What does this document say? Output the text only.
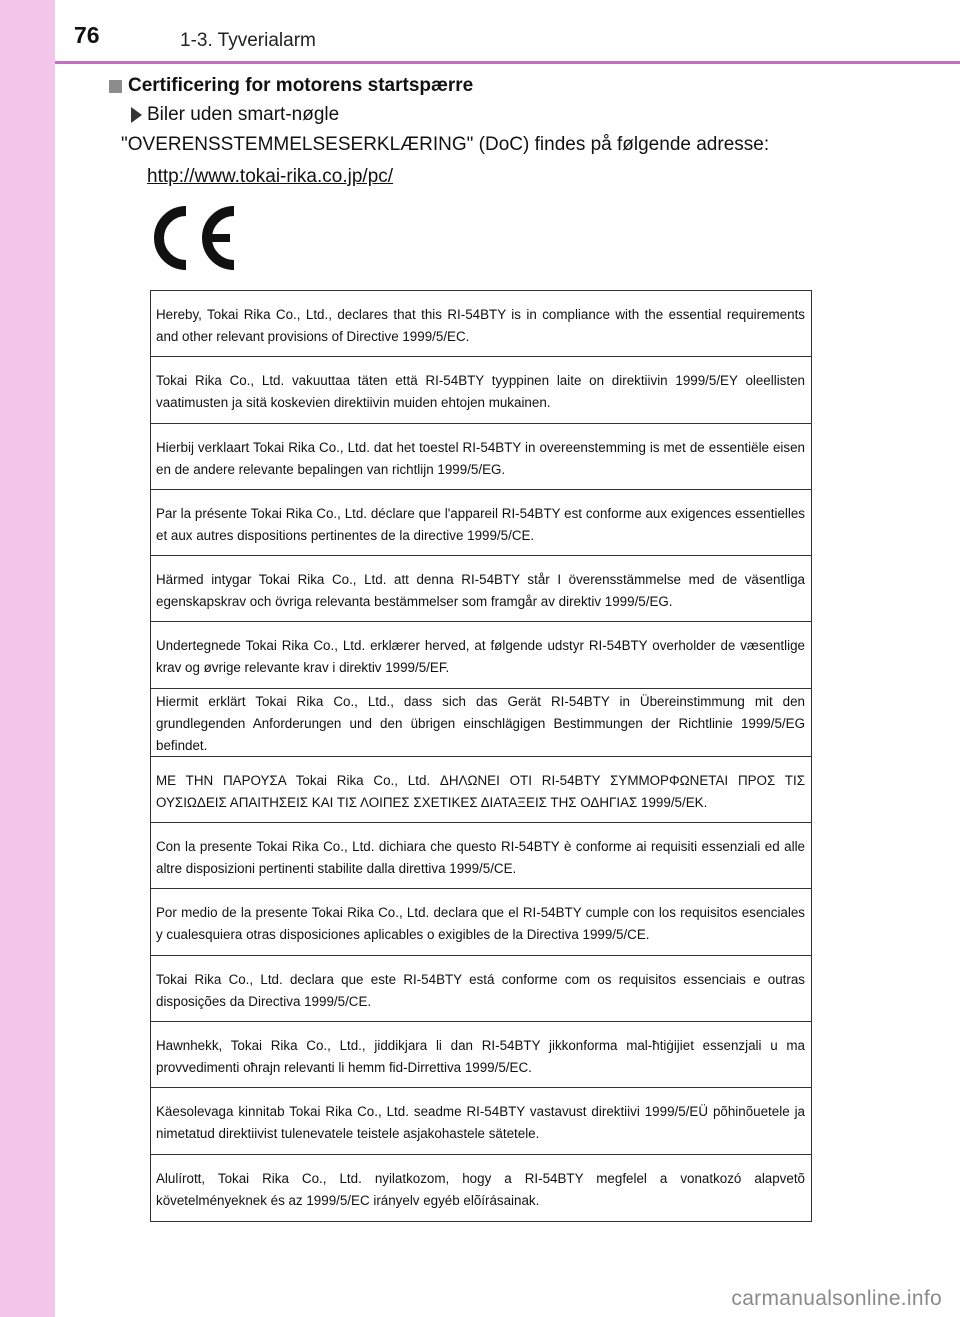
76	1-3. Tyverialarm
Certificering for motorens startspærre
Biler uden smart-nøgle
"OVERENSSTEMMELSESERKLÆRING" (DoC) findes på følgende adresse:
http://www.tokai-rika.co.jp/pc/
Hereby, Tokai Rika Co., Ltd., declares that this RI-54BTY is in compliance with the essential requirements and other relevant provisions of Directive 1999/5/EC.
Tokai Rika Co., Ltd. vakuuttaa täten että RI-54BTY tyyppinen laite on direktiivin 1999/5/EY oleellisten vaatimusten ja sitä koskevien direktiivin muiden ehtojen mukainen.
Hierbij verklaart Tokai Rika Co., Ltd. dat het toestel RI-54BTY in overeenstemming is met de essentiële eisen en de andere relevante bepalingen van richtlijn 1999/5/EG.
Par la présente Tokai Rika Co., Ltd. déclare que l'appareil RI-54BTY est conforme aux exigences essentielles et aux autres dispositions pertinentes de la directive 1999/5/CE.
Härmed intygar Tokai Rika Co., Ltd. att denna RI-54BTY står I överensstämmelse med de väsentliga egenskapskrav och övriga relevanta bestämmelser som framgår av direktiv 1999/5/EG.
Undertegnede Tokai Rika Co., Ltd. erklærer herved, at følgende udstyr RI-54BTY overholder de væsentlige krav og øvrige relevante krav i direktiv 1999/5/EF.
Hiermit erklärt Tokai Rika Co., Ltd., dass sich das Gerät RI-54BTY in Übereinstimmung mit den grundlegenden Anforderungen und den übrigen einschlägigen Bestimmungen der Richtlinie 1999/5/EG befindet.
ΜΕ ΤΗΝ ΠΑΡΟΥΣΑ Tokai Rika Co., Ltd. ΔΗΛΩΝΕΙ ΟΤΙ RI-54BTY ΣΥΜΜΟΡΦΩΝΕΤΑΙ ΠΡΟΣ ΤΙΣ ΟΥΣΙΩΔΕΙΣ ΑΠΑΙΤΗΣΕΙΣ ΚΑΙ ΤΙΣ ΛΟΙΠΕΣ ΣΧΕΤΙΚΕΣ ΔΙΑΤΑΞΕΙΣ ΤΗΣ ΟΔΗΓΙΑΣ 1999/5/ΕΚ.
Con la presente Tokai Rika Co., Ltd. dichiara che questo RI-54BTY è conforme ai requisiti essenziali ed alle altre disposizioni pertinenti stabilite dalla direttiva 1999/5/CE.
Por medio de la presente Tokai Rika Co., Ltd. declara que el RI-54BTY cumple con los requisitos esenciales y cualesquiera otras disposiciones aplicables o exigibles de la Directiva 1999/5/CE.
Tokai Rika Co., Ltd. declara que este RI-54BTY está conforme com os requisitos essenciais e outras disposições da Directiva 1999/5/CE.
Hawnhekk, Tokai Rika Co., Ltd., jiddikjara li dan RI-54BTY jikkonforma mal-ħtiġijiet essenzjali u ma provvedimenti oħrajn relevanti li hemm fid-Dirrettiva 1999/5/EC.
Käesolevaga kinnitab Tokai Rika Co., Ltd. seadme RI-54BTY vastavust direktiivi 1999/5/EÜ põhinõuetele ja nimetatud direktiivist tulenevatele teistele asjakohastele sätetele.
Alulírott, Tokai Rika Co., Ltd. nyilatkozom, hogy a RI-54BTY megfelel a vonatkozó alapvetõ követelményeknek és az 1999/5/EC irányelv egyéb elõírásainak.
carmanualsonline.info
